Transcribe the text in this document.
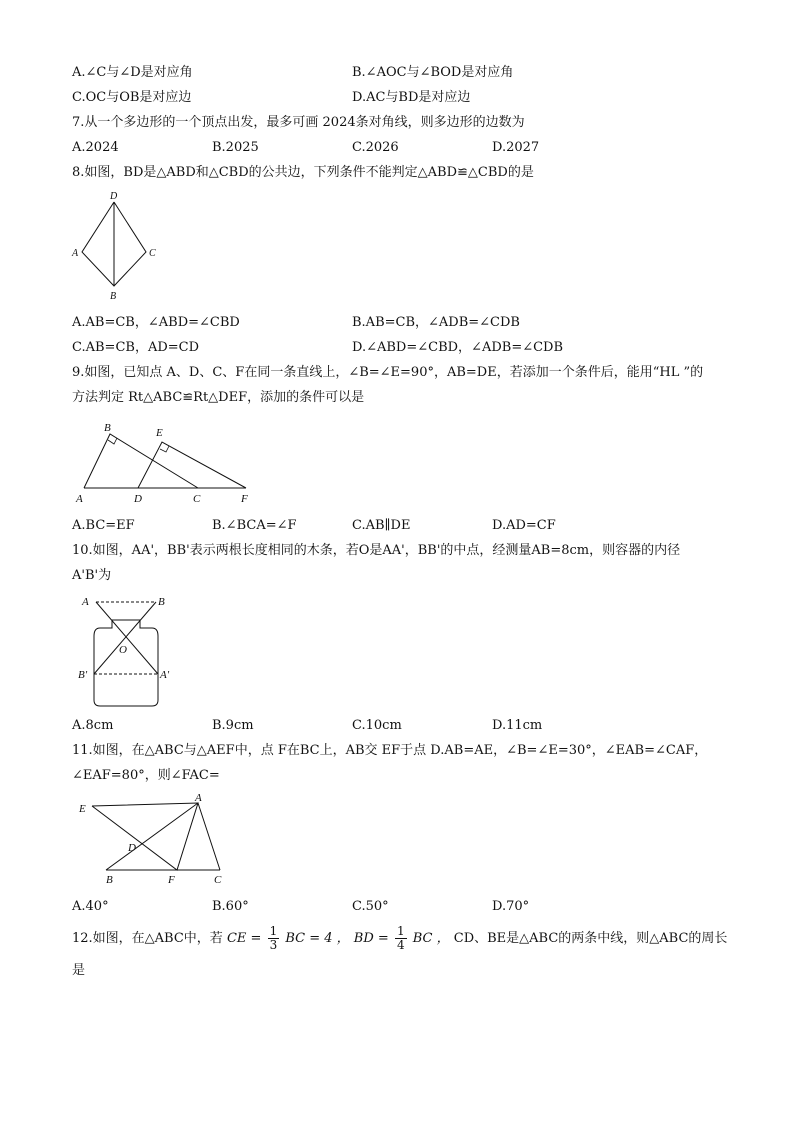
A.∠C与∠D是对应角	B.∠AOC与∠BOD是对应角
C.OC与OB是对应边	D.AC与BD是对应边
7.从一个多边形的一个顶点出发，最多可画 2024条对角线，则多边形的边数为
A.2024	B.2025	C.2026	D.2027
8.如图，BD是△ABD和△CBD的公共边，下列条件不能判定△ABD≌△CBD的是
D
A	C
B
A.AB=CB，∠ABD=∠CBD	B.AB=CB，∠ADB=∠CDB
C.AB=CB，AD=CD	D.∠ABD=∠CBD，∠ADB=∠CDB
9.如图，已知点 A、D、C、F在同一条直线上，∠B=∠E=90°，AB=DE，若添加一个条件后，能用“HL ”的
方法判定 Rt△ABC≌Rt△DEF，添加的条件可以是
B	E
A	D	C	F
A.BC=EF	B.∠BCA=∠F	C.AB∥DE	D.AD=CF
10.如图，AA'，BB'表示两根长度相同的木条，若O是AA'，BB'的中点，经测量AB=8cm，则容器的内径
A'B'为
A	B
O
B′	A′
A.8cm	B.9cm	C.10cm	D.11cm
11.如图，在△ABC与△AEF中，点 F在BC上，AB交 EF于点 D.AB=AE，∠B=∠E=30°，∠EAB=∠CAF，
∠EAF=80°，则∠FAC=
E
A
D
B	F	C
A.40°	B.60°	C.50°	D.70°
12.如图，在△ABC中，若 CE = $\frac{1}{3}$ BC = 4 ， BD = $\frac{1}{4}$ BC ， CD、BE是△ABC的两条中线，则△ABC的周长
是
